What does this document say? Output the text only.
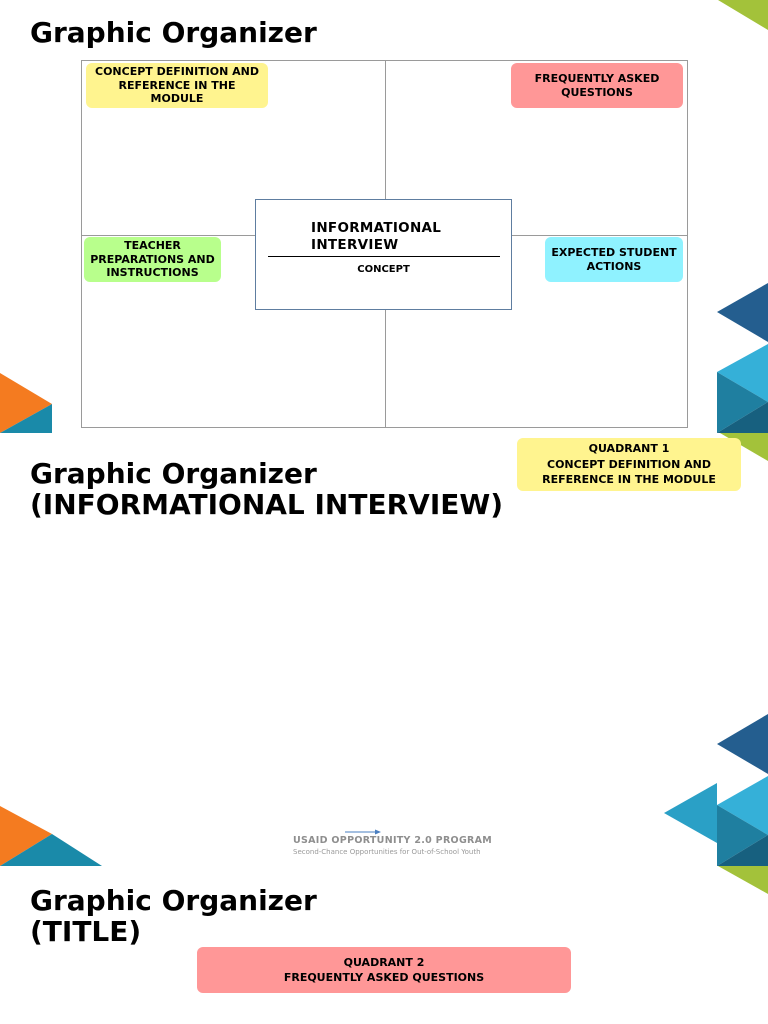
Graphic Organizer
CONCEPT DEFINITION AND REFERENCE IN THE MODULE
FREQUENTLY ASKED QUESTIONS
TEACHER PREPARATIONS AND INSTRUCTIONS
EXPECTED STUDENT ACTIONS
INFORMATIONAL INTERVIEW
CONCEPT
Graphic Organizer
(INFORMATIONAL INTERVIEW)
QUADRANT 1
CONCEPT DEFINITION AND REFERENCE IN THE MODULE
USAID OPPORTUNITY 2.0 PROGRAM
Second-Chance Opportunities for Out-of-School Youth
Graphic Organizer
(TITLE)
QUADRANT 2
FREQUENTLY ASKED QUESTIONS
